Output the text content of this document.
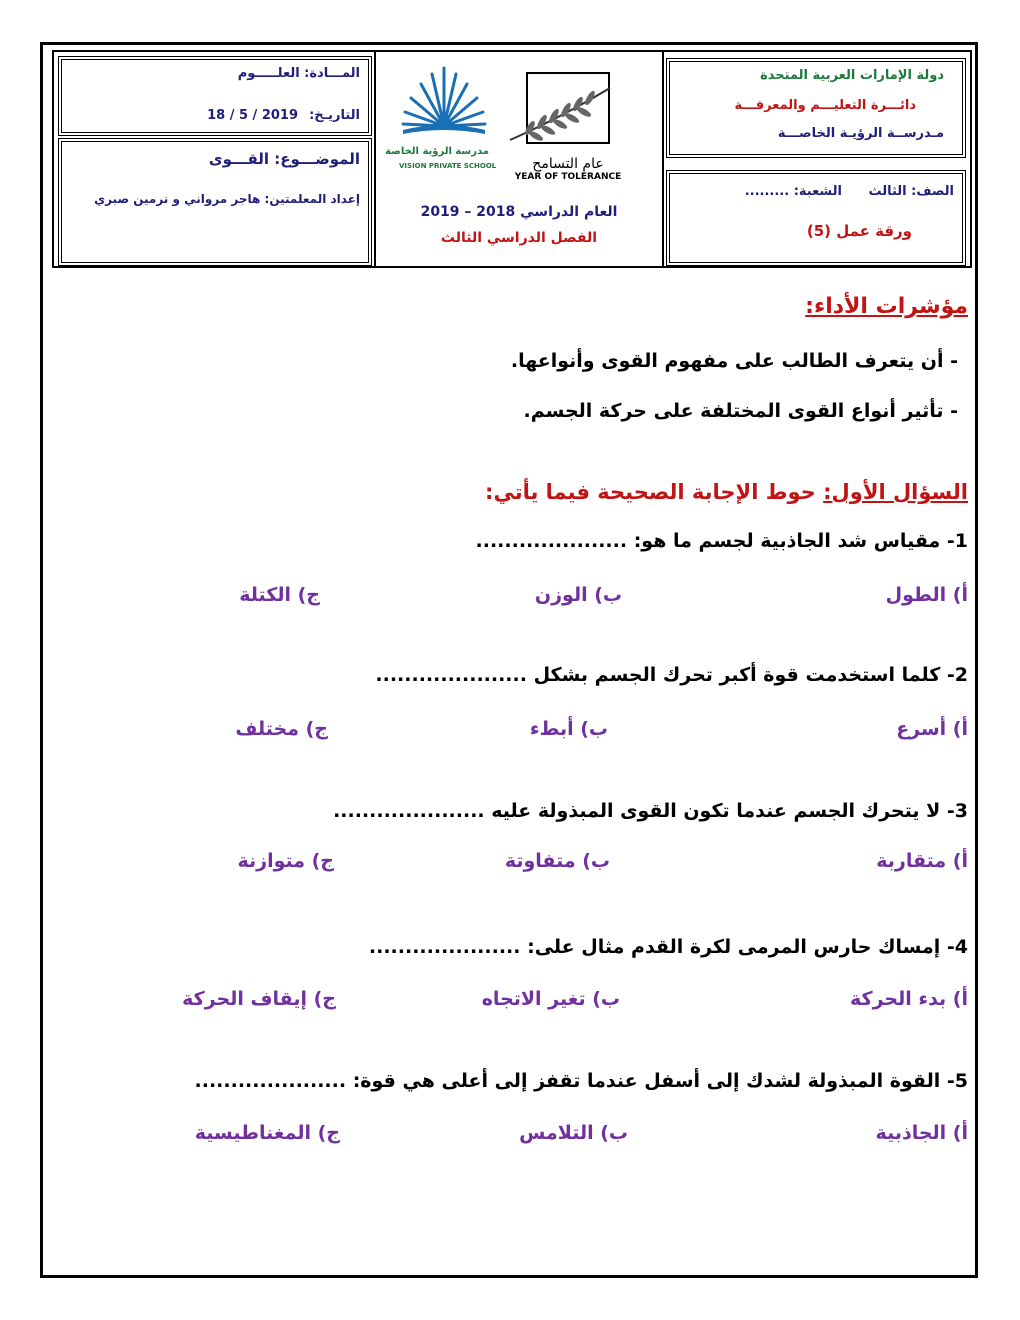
دولة الإمارات العربية المتحدة
دائـــرة التعليـــم والمعرفـــة
مـدرســة الرؤيـة الخاصـــة
الصف: الثالث
الشعبة: .........
ورقة عمل (5)
مدرسة الرؤية الخاصة
VISION PRIVATE SCHOOL	عام التسامح
YEAR OF TOLERANCE
العام الدراسي 2018 – 2019
الفصل الدراسي الثالث
المـــادة: العلـــــوم
التاريـخ:
18 / 5 / 2019
الموضـــوع: القـــوى
إعداد المعلمتين: هاجر مرواني و نرمين صبري
مؤشرات الأداء:
- أن يتعرف الطالب على مفهوم القوى وأنواعها.
- تأثير أنواع القوى المختلفة على حركة الجسم.
السؤال الأول: حوط الإجابة الصحيحة فيما يأتي:
1- مقياس شد الجاذبية لجسم ما هو: .....................
أ) الطول
ب) الوزن
ج) الكتلة
2- كلما استخدمت قوة أكبر تحرك الجسم بشكل .....................
أ) أسرع
ب) أبطء
ج) مختلف
3- لا يتحرك الجسم عندما تكون القوى المبذولة عليه .....................
أ) متقاربة
ب) متفاوتة
ج) متوازنة
4- إمساك حارس المرمى لكرة القدم مثال على: .....................
أ) بدء الحركة
ب) تغير الاتجاه
ج) إيقاف الحركة
5- القوة المبذولة لشدك إلى أسفل عندما تقفز إلى أعلى هي قوة: .....................
أ) الجاذبية
ب) التلامس
ج) المغناطيسية
